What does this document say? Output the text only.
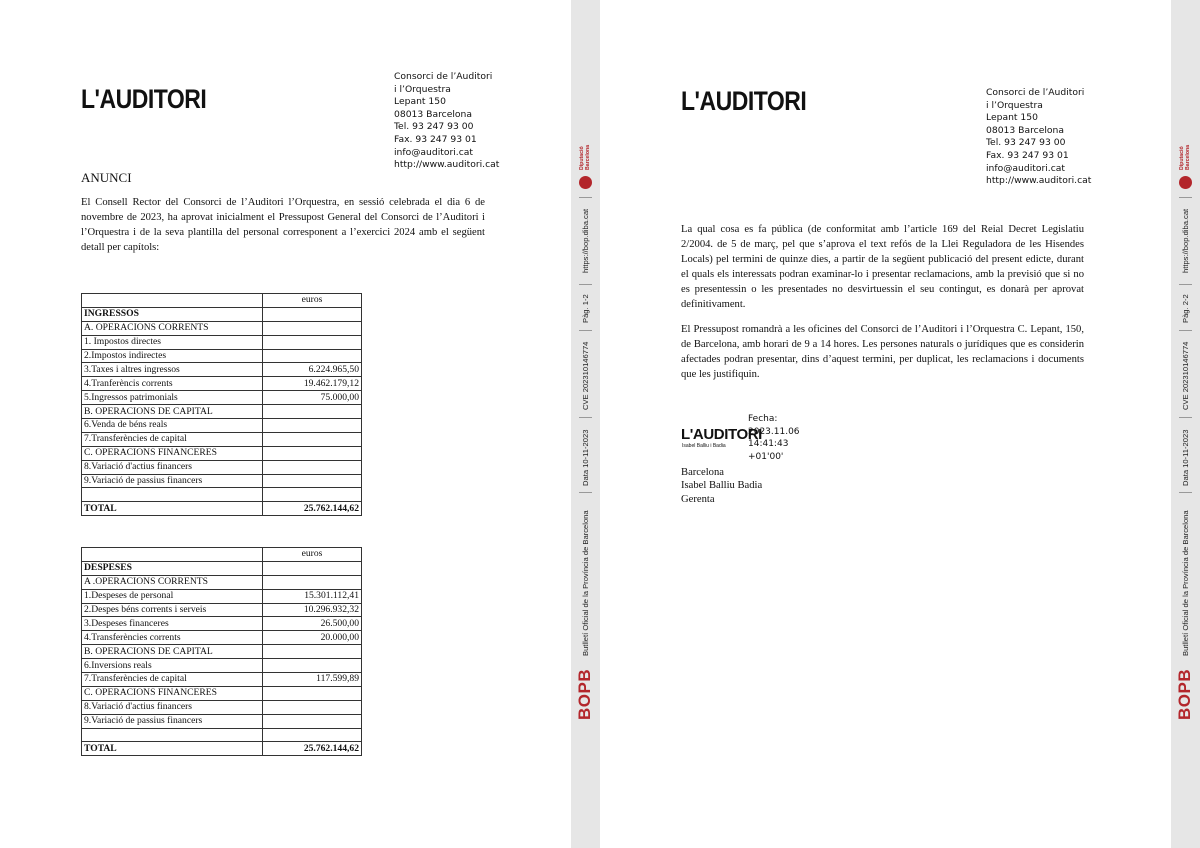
L'AUDITORI
Consorci de l’Auditori
i l’Orquestra
Lepant 150
08013 Barcelona
Tel. 93 247 93 00
Fax. 93 247 93 01
info@auditori.cat
http://www.auditori.cat
ANUNCI
El Consell Rector del Consorci de l’Auditori l’Orquestra, en sessió celebrada el dia 6 de novembre de 2023, ha aprovat inicialment el Pressupost General del Consorci de l’Auditori i l’Orquestra i de la seva plantilla del personal corresponent a l’exercici 2024 amb el següent detall per capítols:
	euros
INGRESSOS	
A. OPERACIONS CORRENTS	
1. Impostos directes	
2.Impostos indirectes	
3.Taxes i altres ingressos	6.224.965,50
4.Tranferèncis corrents	19.462.179,12
5.Ingressos patrimonials	75.000,00
B. OPERACIONS DE CAPITAL	
6.Venda de béns reals	
7.Transferències de capital	
C. OPERACIONS FINANCERES	
8.Variació d'actius financers	
9.Variació de passius financers	

TOTAL	25.762.144,62
	euros
DESPESES	
A .OPERACIONS CORRENTS	
1.Despeses de personal	15.301.112,41
2.Despes béns corrents i serveis	10.296.932,32
3.Despeses financeres	26.500,00
4.Transferències corrents	20.000,00
B. OPERACIONS DE CAPITAL	
6.Inversions reals	
7.Transferències de capital	117.599,89
C. OPERACIONS FINANCERES	
8.Variació d'actius financers	
9.Variació de passius financers	

TOTAL	25.762.144,62
Diputació
Barcelona
https://bop.diba.cat
Pàg. 1-2
CVE 202310146774
Data 10-11-2023
Butlletí Oficial de la Província de Barcelona
BOPB
L'AUDITORI	Consorci de l’Auditori
i l’Orquestra
Lepant 150
08013 Barcelona
Tel. 93 247 93 00
Fax. 93 247 93 01
info@auditori.cat
http://www.auditori.cat
La qual cosa es fa pública (de conformitat amb l’article 169 del Reial Decret Legislatiu 2/2004. de 5 de març, pel que s’aprova el text refós de la Llei Reguladora de les Hisendes Locals) pel termini de quinze dies, a partir de la següent publicació del present edicte, durant el quals els interessats podran examinar-lo i presentar reclamacions, amb la previsió que si no es presentessin o les presentades no desvirtuessin el seu contingut, es donarà per aprovat definitivament.
El Pressupost romandrà a les oficines del Consorci de l’Auditori i l’Orquestra C. Lepant, 150, de Barcelona, amb horari de 9 a 14 hores. Les persones naturals o jurídiques que es considerin afectades podran presentar, dins d’aquest termini, per duplicat, les reclamacions i documents que les justifiquin.
L'AUDITORI
Isabel Balliu i Badia
Fecha:
2023.11.06
14:41:43
+01'00'
Barcelona
Isabel Balliu Badia
Gerenta
Diputació
Barcelona
https://bop.diba.cat
Pàg. 2-2
CVE 202310146774
Data 10-11-2023
Butlletí Oficial de la Província de Barcelona
BOPB
